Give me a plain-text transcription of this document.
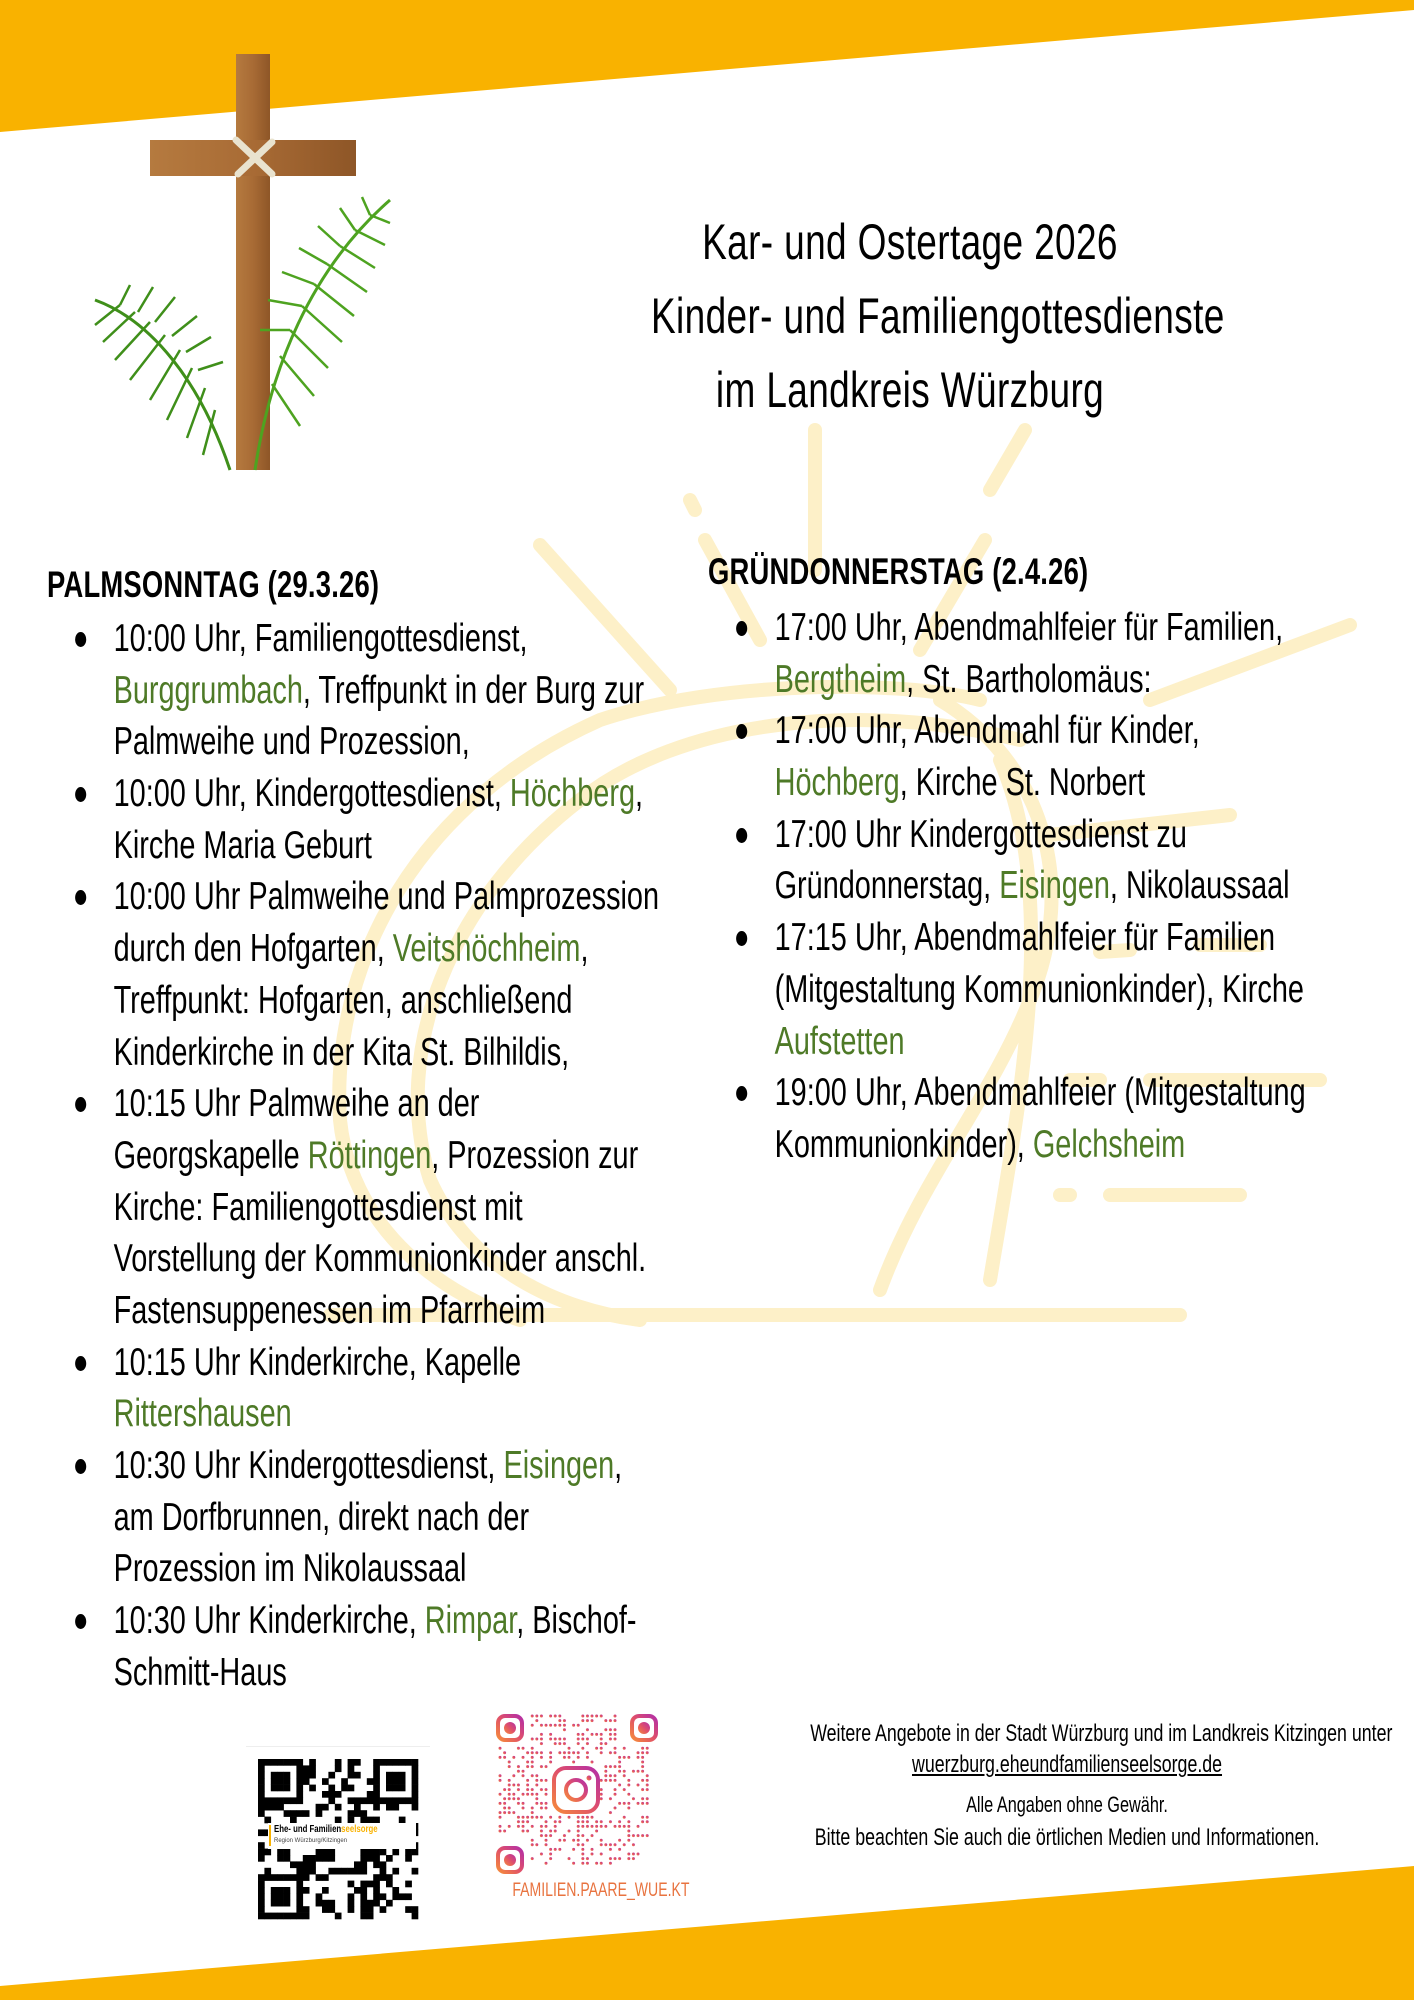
Kar- und Ostertage 2026
Kinder- und Familiengottesdienste
im Landkreis Würzburg
PALMSONNTAG (29.3.26)
10:00 Uhr, Familiengottesdienst,
Burggrumbach, Treffpunkt in der Burg zur
Palmweihe und Prozession,
10:00 Uhr, Kindergottesdienst, Höchberg,
Kirche Maria Geburt
10:00 Uhr Palmweihe und Palmprozession
durch den Hofgarten, Veitshöchheim,
Treffpunkt: Hofgarten, anschließend
Kinderkirche in der Kita St. Bilhildis,
10:15 Uhr Palmweihe an der
Georgskapelle Röttingen, Prozession zur
Kirche: Familiengottesdienst mit
Vorstellung der Kommunionkinder anschl.
Fastensuppenessen im Pfarrheim
10:15 Uhr Kinderkirche, Kapelle
Rittershausen
10:30 Uhr Kindergottesdienst, Eisingen,
am Dorfbrunnen, direkt nach der
Prozession im Nikolaussaal
10:30 Uhr Kinderkirche, Rimpar, Bischof-
Schmitt-Haus
GRÜNDONNERSTAG (2.4.26)
17:00 Uhr, Abendmahlfeier für Familien,
Bergtheim, St. Bartholomäus:
17:00 Uhr, Abendmahl für Kinder,
Höchberg, Kirche St. Norbert
17:00 Uhr Kindergottesdienst zu
Gründonnerstag, Eisingen, Nikolaussaal
17:15 Uhr, Abendmahlfeier für Familien
(Mitgestaltung Kommunionkinder), Kirche
Aufstetten
19:00 Uhr, Abendmahlfeier (Mitgestaltung
Kommunionkinder), Gelchsheim
Ehe- und Familienseelsorge
Region Würzburg/Kitzingen
FAMILIEN.PAARE_WUE.KT
Weitere Angebote in der Stadt Würzburg und im Landkreis Kitzingen unter
wuerzburg.eheundfamilienseelsorge.de
Alle Angaben ohne Gewähr.
Bitte beachten Sie auch die örtlichen Medien und Informationen.
